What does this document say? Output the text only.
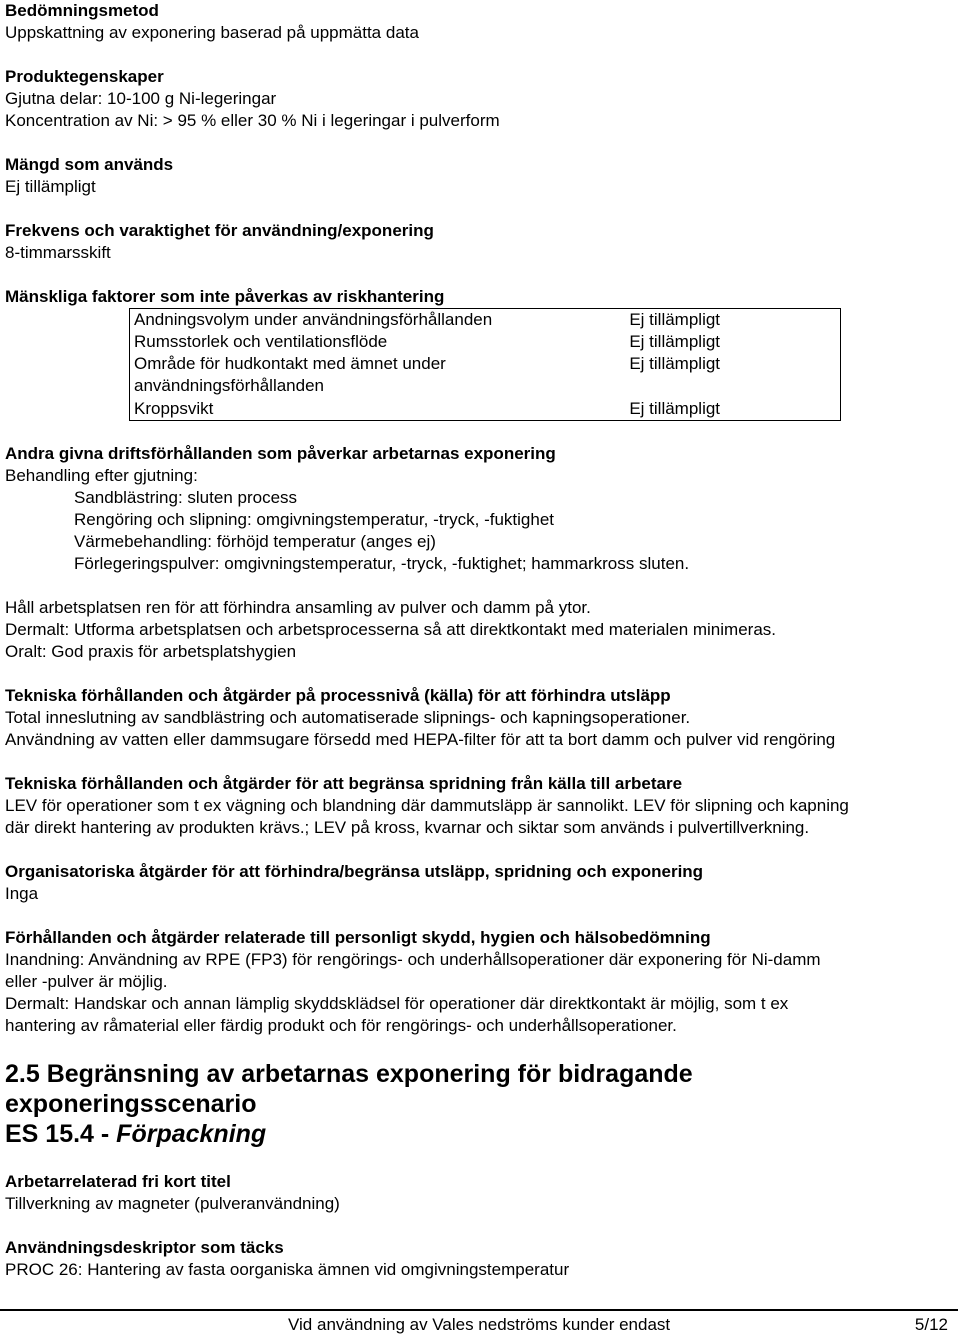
Bedömningsmetod
Uppskattning av exponering baserad på uppmätta data
Produktegenskaper
Gjutna delar: 10-100 g Ni-legeringar
Koncentration av Ni: > 95 % eller 30 % Ni i legeringar i pulverform
Mängd som används
Ej tillämpligt
Frekvens och varaktighet för användning/exponering
8-timmarsskift
Mänskliga faktorer som inte påverkas av riskhantering
Andningsvolym under användningsförhållanden	Ej tillämpligt
Rumsstorlek och ventilationsflöde	Ej tillämpligt
Område för hudkontakt med ämnet under användningsförhållanden	Ej tillämpligt
Kroppsvikt	Ej tillämpligt
Andra givna driftsförhållanden som påverkar arbetarnas exponering
Behandling efter gjutning:
Sandblästring: sluten process
Rengöring och slipning: omgivningstemperatur, -tryck, -fuktighet
Värmebehandling: förhöjd temperatur (anges ej)
Förlegeringspulver: omgivningstemperatur, -tryck, -fuktighet; hammarkross sluten.
Håll arbetsplatsen ren för att förhindra ansamling av pulver och damm på ytor.
Dermalt: Utforma arbetsplatsen och arbetsprocesserna så att direktkontakt med materialen minimeras.
Oralt: God praxis för arbetsplatshygien
Tekniska förhållanden och åtgärder på processnivå (källa) för att förhindra utsläpp
Total inneslutning av sandblästring och automatiserade slipnings- och kapningsoperationer.
Användning av vatten eller dammsugare försedd med HEPA-filter för att ta bort damm och pulver vid rengöring
Tekniska förhållanden och åtgärder för att begränsa spridning från källa till arbetare
LEV för operationer som t ex vägning och blandning där dammutsläpp är sannolikt. LEV för slipning och kapning
där direkt hantering av produkten krävs.; LEV på kross, kvarnar och siktar som används i pulvertillverkning.
Organisatoriska åtgärder för att förhindra/begränsa utsläpp, spridning och exponering
Inga
Förhållanden och åtgärder relaterade till personligt skydd, hygien och hälsobedömning
Inandning: Användning av RPE (FP3) för rengörings- och underhållsoperationer där exponering för Ni-damm
eller -pulver är möjlig.
Dermalt: Handskar och annan lämplig skyddsklädsel för operationer där direktkontakt är möjlig, som t ex
hantering av råmaterial eller färdig produkt och för rengörings- och underhållsoperationer.
2.5 Begränsning av arbetarnas exponering för bidragande exponeringsscenario
ES 15.4 - Förpackning
Arbetarrelaterad fri kort titel
Tillverkning av magneter (pulveranvändning)
Användningsdeskriptor som täcks
PROC 26: Hantering av fasta oorganiska ämnen vid omgivningstemperatur
Vid användning av Vales nedströms kunder endast	5/12
